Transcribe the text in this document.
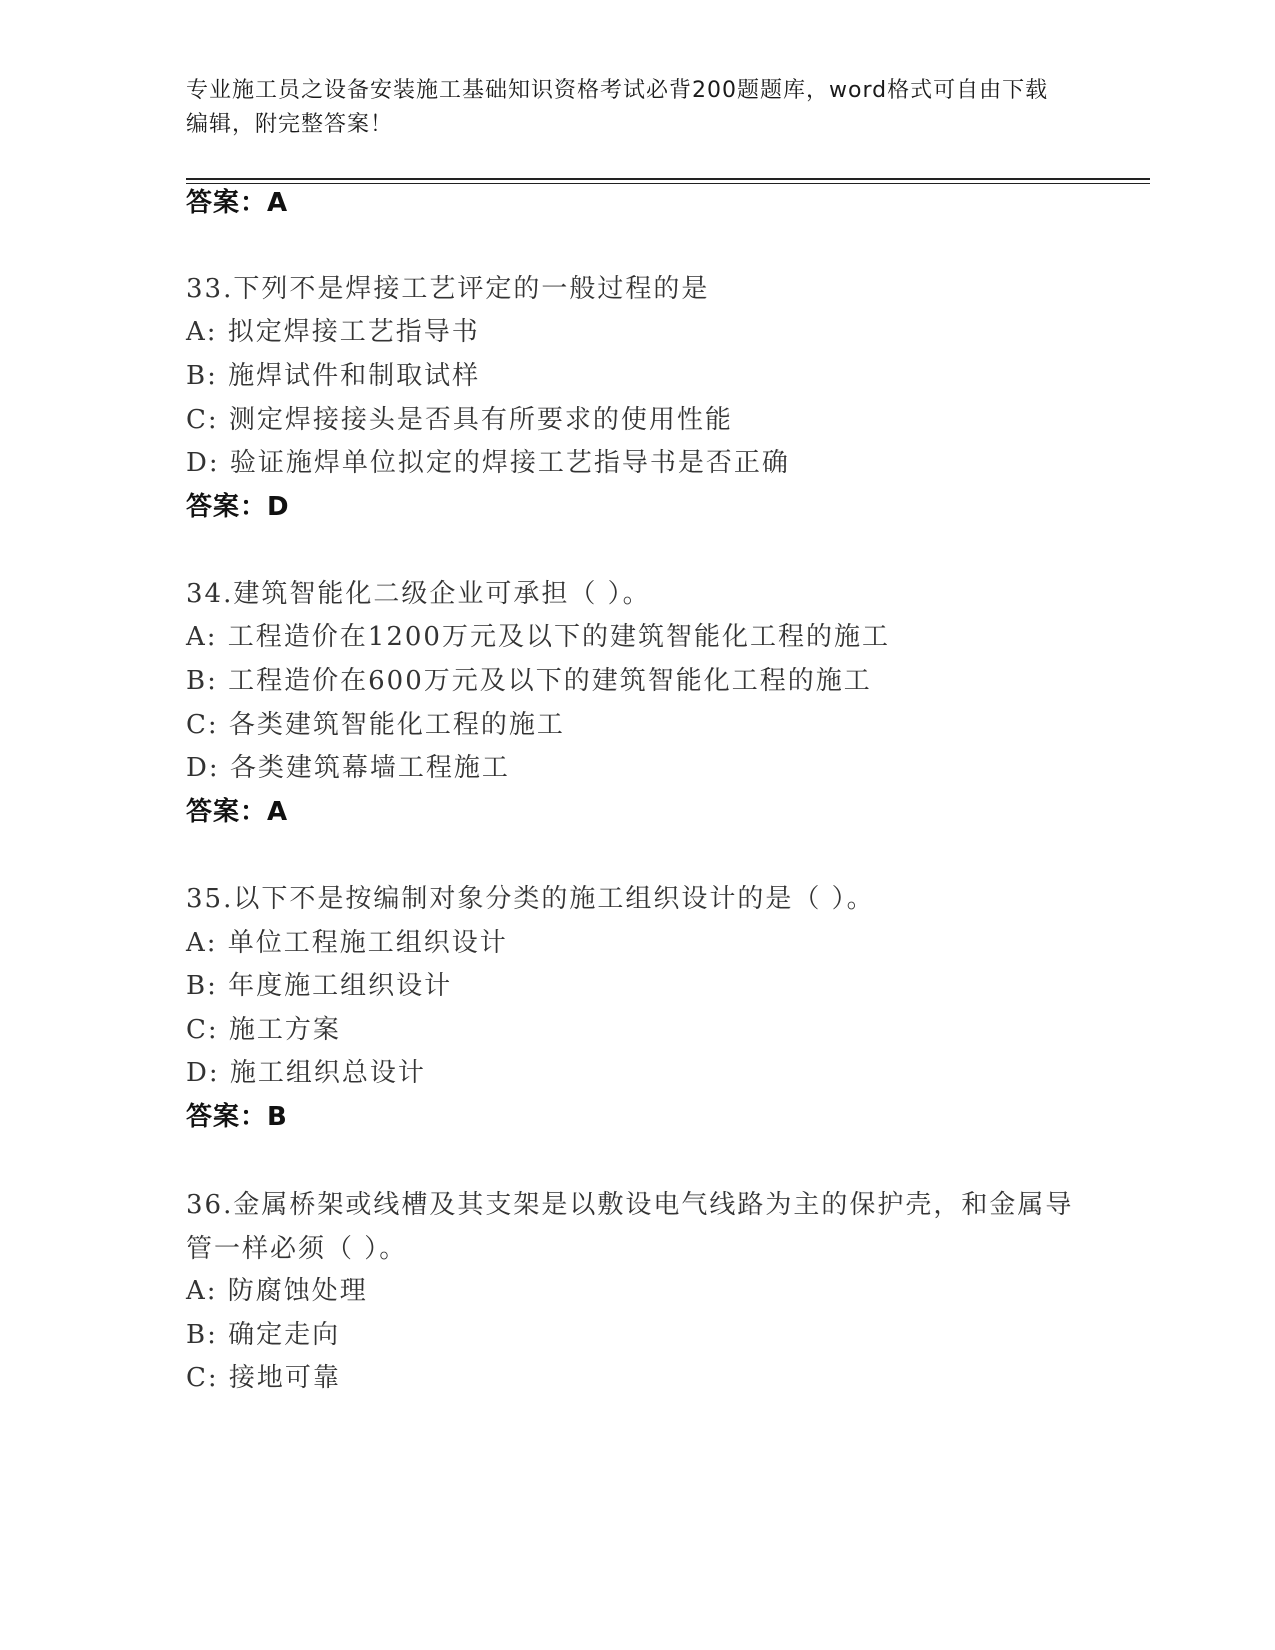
专业施工员之设备安装施工基础知识资格考试必背200题题库，word格式可自由下载编辑，附完整答案！
答案：A
33.下列不是焊接工艺评定的一般过程的是
A: 拟定焊接工艺指导书
B: 施焊试件和制取试样
C: 测定焊接接头是否具有所要求的使用性能
D: 验证施焊单位拟定的焊接工艺指导书是否正确
答案：D
34.建筑智能化二级企业可承担（ ）。
A: 工程造价在1200万元及以下的建筑智能化工程的施工
B: 工程造价在600万元及以下的建筑智能化工程的施工
C: 各类建筑智能化工程的施工
D: 各类建筑幕墙工程施工
答案：A
35.以下不是按编制对象分类的施工组织设计的是（ ）。
A: 单位工程施工组织设计
B: 年度施工组织设计
C: 施工方案
D: 施工组织总设计
答案：B
36.金属桥架或线槽及其支架是以敷设电气线路为主的保护壳，和金属导管一样必须（ ）。
A: 防腐蚀处理
B: 确定走向
C: 接地可靠
